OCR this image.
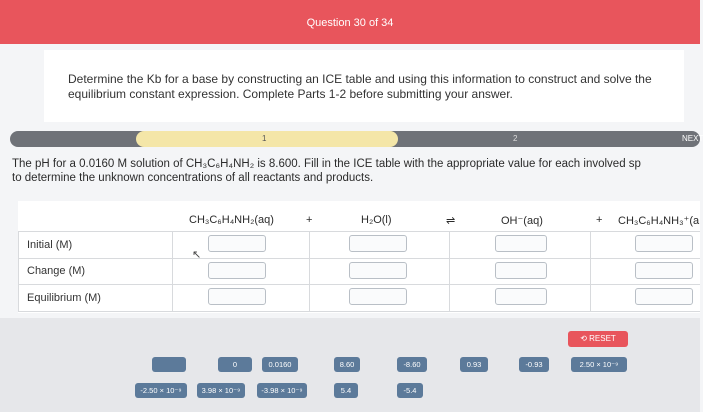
Question 30 of 34
Determine the Kb for a base by constructing an ICE table and using this information to construct and solve the equilibrium constant expression. Complete Parts 1-2 before submitting your answer.
1	2	NEXT
The pH for a 0.0160 M solution of CH₃C₆H₄NH₂ is 8.600. Fill in the ICE table with the appropriate value for each involved sp
to determine the unknown concentrations of all reactants and products.
CH₃C₆H₄NH₂(aq)	+	H₂O(l)	⇌	OH⁻(aq)	+ CH₃C₆H₄NH₃⁺(a
Initial (M)
Change (M)
Equilibrium (M)
↖
⟲ RESET
0	0.0160	8.60	-8.60	0.93	-0.93	2.50 × 10⁻⁹
-2.50 × 10⁻⁹	3.98 × 10⁻⁹	-3.98 × 10⁻⁹	5.4	-5.4
